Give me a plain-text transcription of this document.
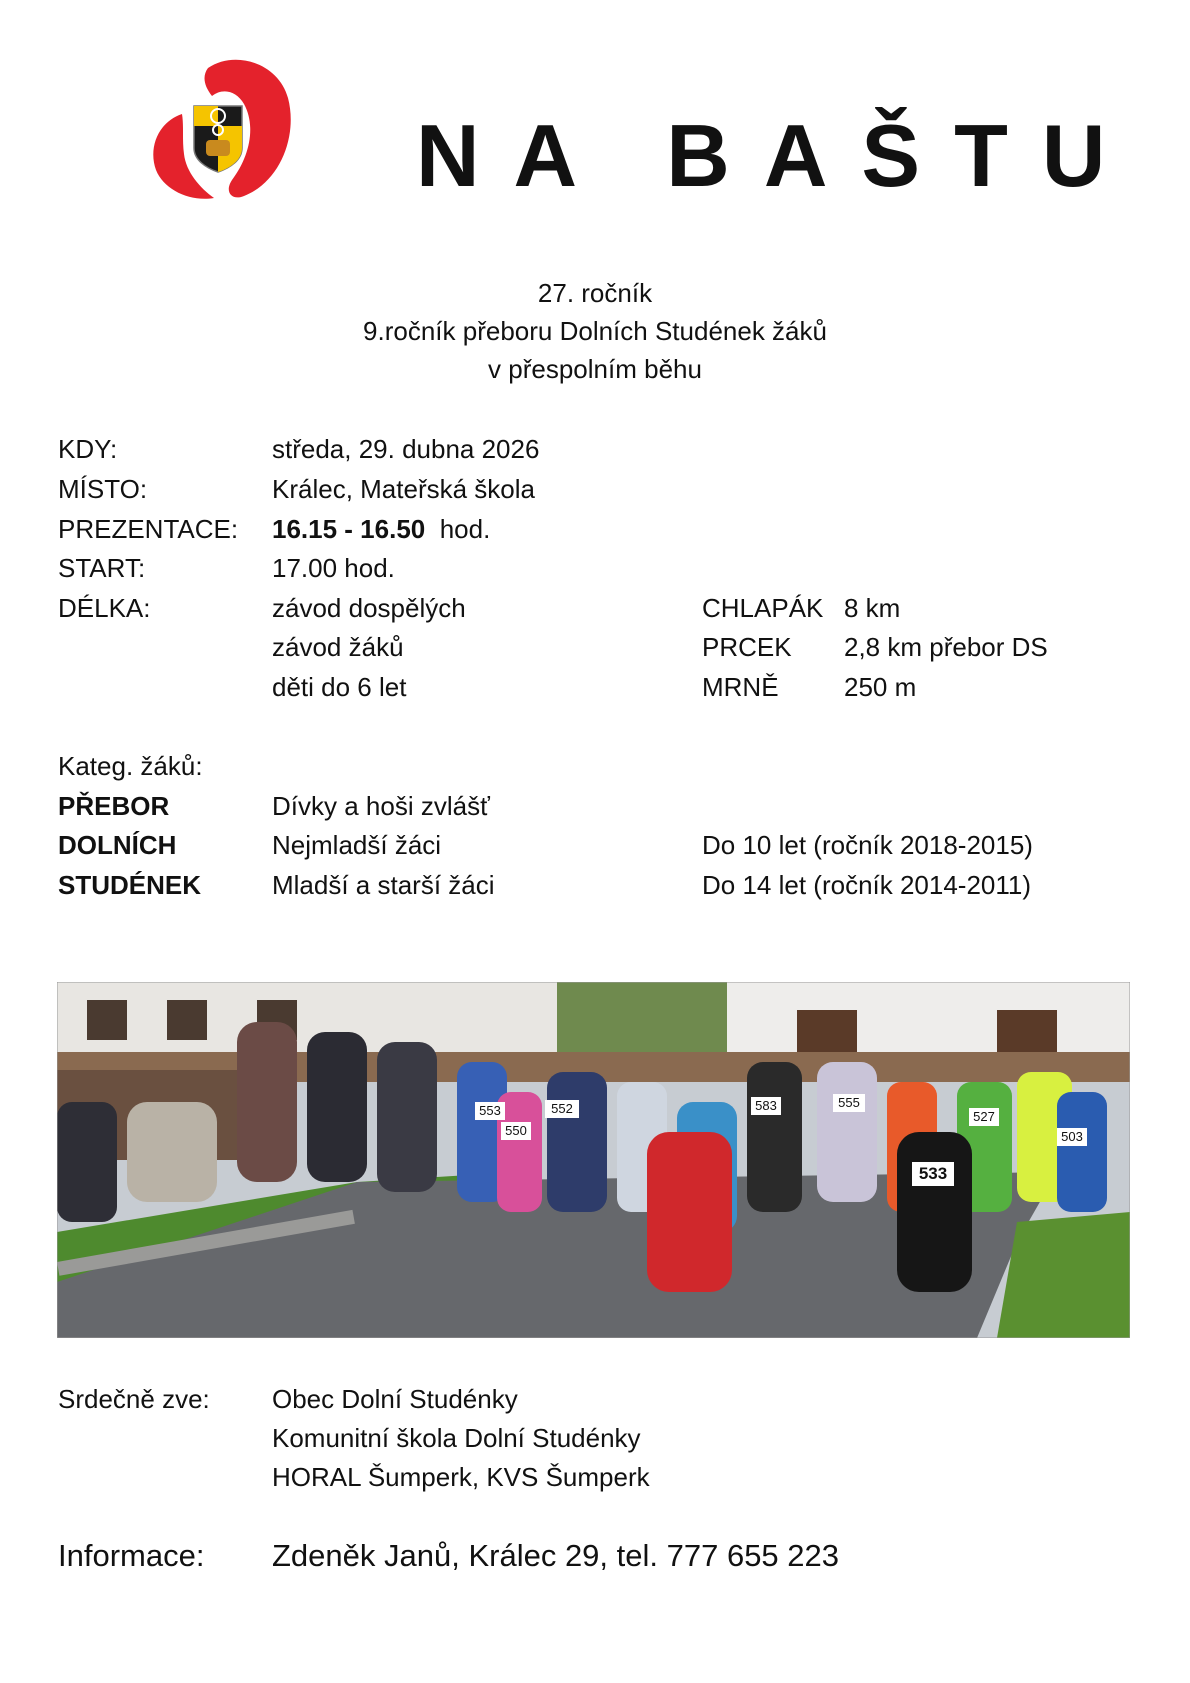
NA BAŠTU
27. ročník
9.ročník přeboru Dolních Studének žáků
v přespolním běhu
KDY:	středa, 29. dubna 2026
MÍSTO:	Králec, Mateřská škola
PREZENTACE: 16.15 - 16.50 hod.
START:	17.00 hod.
DÉLKA:	závod dospělých	CHLAPÁK 8 km
závod žáků	PRCEK 2,8 km přebor DS
děti do 6 let	MRNĚ	250 m
Kateg. žáků:
PŘEBOR	Dívky a hoši zvlášť
DOLNÍCH	Nejmladší žáci	Do 10 let (ročník 2018-2015)
STUDÉNEK	Mladší a starší žáci	Do 14 let (ročník 2014-2011)
553	552
550
583	555
533
527
503
Srdečně zve: Obec Dolní Studénky
Komunitní škola Dolní Studénky
HORAL Šumperk, KVS Šumperk
Informace: Zdeněk Janů, Králec 29, tel. 777 655 223
